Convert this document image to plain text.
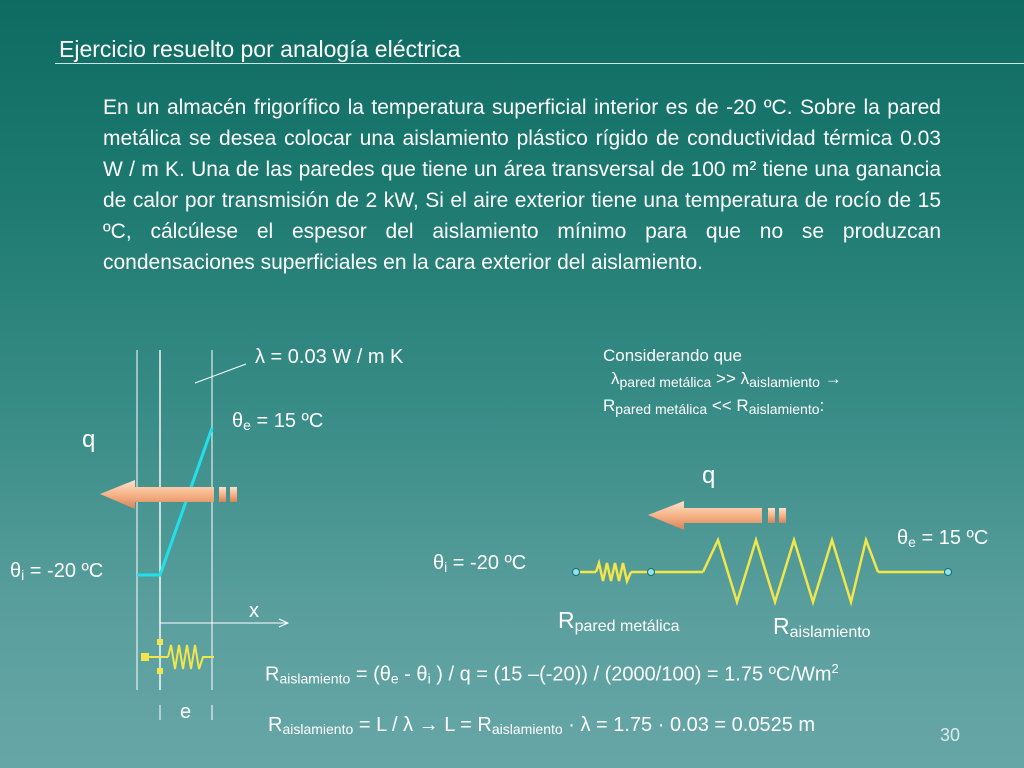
Ejercicio resuelto por analogía eléctrica
En un almacén frigorífico la temperatura superficial interior es de -20 ºC. Sobre la pared metálica se desea colocar una aislamiento plástico rígido de conductividad térmica 0.03 W / m K. Una de las paredes que tiene un área transversal de 100 m² tiene una ganancia de calor por transmisión de 2 kW, Si el aire exterior tiene una temperatura de rocío de 15 ºC, cálcúlese el espesor del aislamiento mínimo para que no se produzcan condensaciones superficiales en la cara exterior del aislamiento.
λ = 0.03 W / m K
$\theta_e = 15$ ºC
q
$\theta_i = -20$ ºC
x
e
Considerando que
$\lambda_{pared metálica} >> \lambda_{aislamiento}$ →
$R_{pared metálica} << R_{aislamiento}$:
q
$\theta_e = 15$ ºC
$\theta_i = -20$ ºC
$R_{pared metálica}$	$R_{aislamiento}$
$R_{aislamiento} = (\theta_e - \theta_i$ ) / q = (15 –(-20)) / (2000/100) = 1.75 ºC/Wm$^2$
$R_{aislamiento} = L / \lambda \to L = R_{aislamiento} \cdot \lambda = 1.75 \cdot 0.03 = 0.0525$ m	30
